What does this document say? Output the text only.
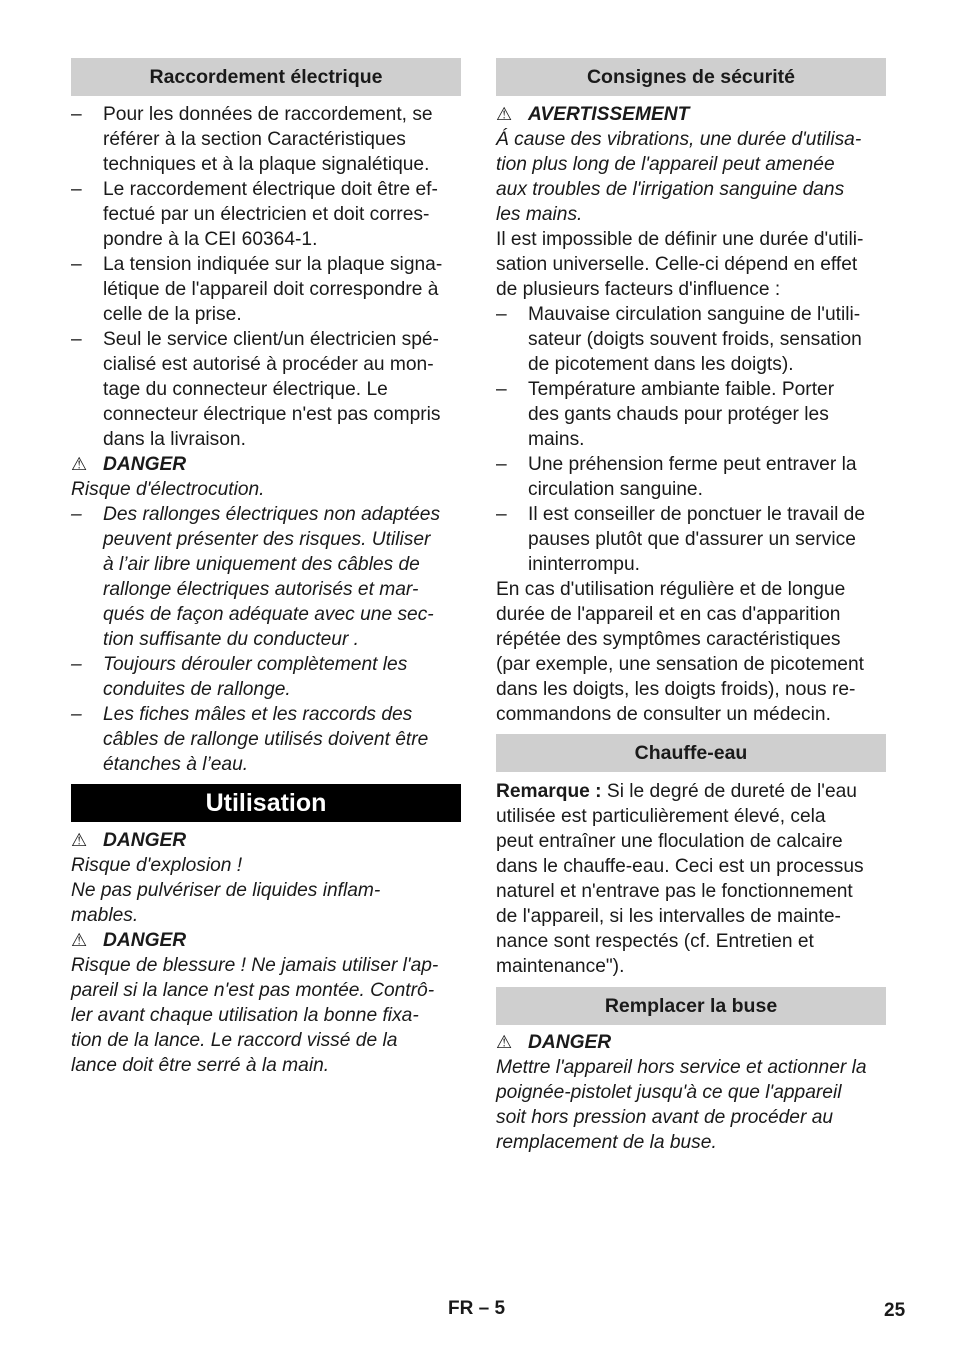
Raccordement électrique
–	Pour les données de raccordement, se
référer à la section Caractéristiques
techniques et à la plaque signalétique.
–	Le raccordement électrique doit être ef-
fectué par un électricien et doit corres-
pondre à la CEI 60364-1.
–	La tension indiquée sur la plaque signa-
létique de l'appareil doit correspondre à
celle de la prise.
–	Seul le service client/un électricien spé-
cialisé est autorisé à procéder au mon-
tage du connecteur électrique. Le
connecteur électrique n'est pas compris
dans la livraison.
⚠ DANGER
Risque d'électrocution.
–	Des rallonges électriques non adaptées
peuvent présenter des risques. Utiliser
à l’air libre uniquement des câbles de
rallonge électriques autorisés et mar-
qués de façon adéquate avec une sec-
tion suffisante du conducteur .
–	Toujours dérouler complètement les
conduites de rallonge.
–	Les fiches mâles et les raccords des
câbles de rallonge utilisés doivent être
étanches à l’eau.
Utilisation
⚠ DANGER
Risque d'explosion !
Ne pas pulvériser de liquides inflam-
mables.
⚠ DANGER
Risque de blessure ! Ne jamais utiliser l'ap-
pareil si la lance n'est pas montée. Contrô-
ler avant chaque utilisation la bonne fixa-
tion de la lance. Le raccord vissé de la
lance doit être serré à la main.
Consignes de sécurité
⚠ AVERTISSEMENT
Á cause des vibrations, une durée d'utilisa-
tion plus long de l'appareil peut amenée
aux troubles de l'irrigation sanguine dans
les mains.
Il est impossible de définir une durée d'utili-
sation universelle. Celle-ci dépend en effet
de plusieurs facteurs d'influence :
–	Mauvaise circulation sanguine de l'utili-
sateur (doigts souvent froids, sensation
de picotement dans les doigts).
–	Température ambiante faible. Porter
des gants chauds pour protéger les
mains.
–	Une préhension ferme peut entraver la
circulation sanguine.
–	Il est conseiller de ponctuer le travail de
pauses plutôt que d'assurer un service
ininterrompu.
En cas d'utilisation régulière et de longue
durée de l'appareil et en cas d'apparition
répétée des symptômes caractéristiques
(par exemple, une sensation de picotement
dans les doigts, les doigts froids), nous re-
commandons de consulter un médecin.
Chauffe-eau
Remarque : Si le degré de dureté de l'eau
utilisée est particulièrement élevé, cela
peut entraîner une floculation de calcaire
dans le chauffe-eau. Ceci est un processus
naturel et n'entrave pas le fonctionnement
de l'appareil, si les intervalles de mainte-
nance sont respectés (cf. Entretien et
maintenance").
Remplacer la buse
⚠ DANGER
Mettre l'appareil hors service et actionner la
poignée-pistolet jusqu'à ce que l'appareil
soit hors pression avant de procéder au
remplacement de la buse.
FR – 5	25
